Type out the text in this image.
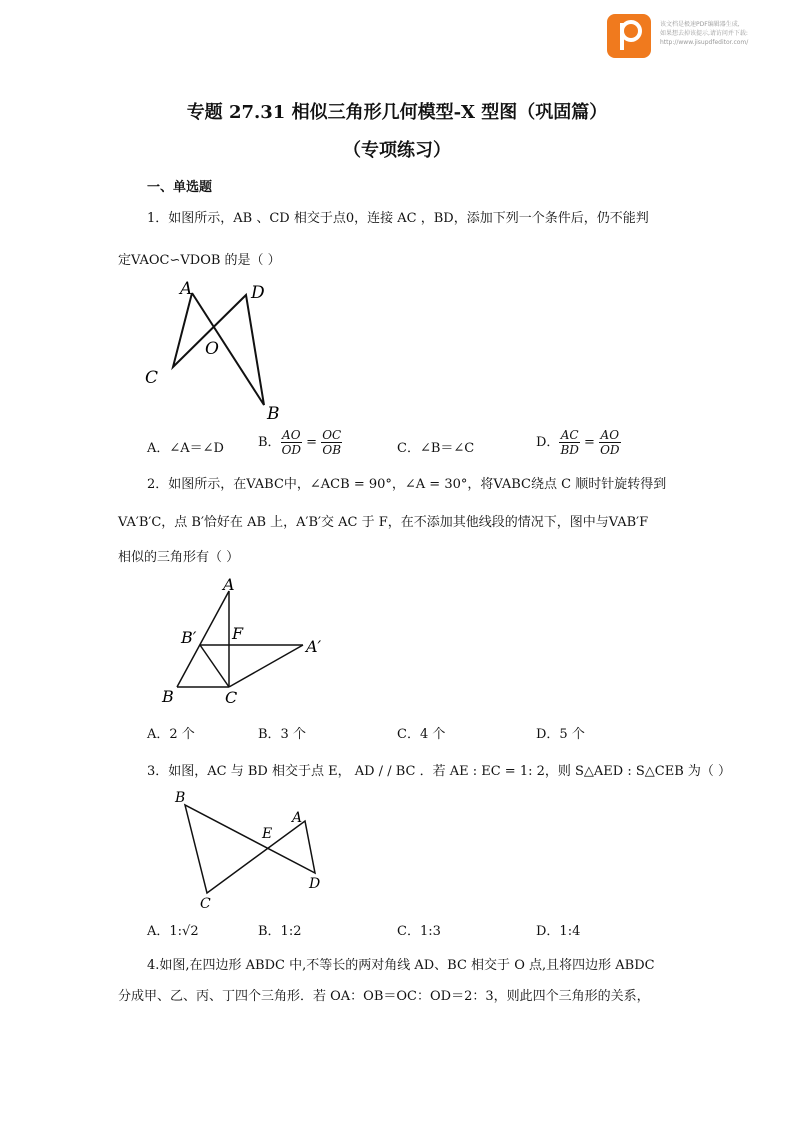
该文档是极速PDF编辑器生成,
如果想去掉该提示,请访问并下载:
http://www.jisupdfeditor.com/
专题 27.31 相似三角形几何模型-X 型图（巩固篇）
（专项练习）
一、单选题
1．如图所示，AB 、CD 相交于点0，连接 AC ，BD，添加下列一个条件后，仍不能判
定VAOC∽VDOB 的是（ ）
A	D
O
C
B
A．∠A＝∠D	B． $\frac{AO}{OD} = \frac{OC}{OB}$	C．∠B＝∠C	D． $\frac{AC}{BD} = \frac{AO}{OD}$
2．如图所示，在VABC中，∠ACB = 90°，∠A = 30°，将VABC绕点 C 顺时针旋转得到
VA′B′C，点 B′恰好在 AB 上，A′B′交 AC 于 F，在不添加其他线段的情况下，图中与VAB′F
相似的三角形有（ ）
A
B′ F
A′
B	C
A．2 个	B．3 个	C．4 个	D．5 个
3．如图，AC 与 BD 相交于点 E， AD / / BC ．若 AE : EC = 1: 2，则 S△AED : S△CEB 为（ ）
B
E
A
D
C
A．1:√2	B．1:2	C．1:3	D．1:4
4.如图,在四边形 ABDC 中,不等长的两对角线 AD、BC 相交于 O 点,且将四边形 ABDC
分成甲、乙、丙、丁四个三角形．若 OA：OB＝OC：OD＝2：3，则此四个三角形的关系，
